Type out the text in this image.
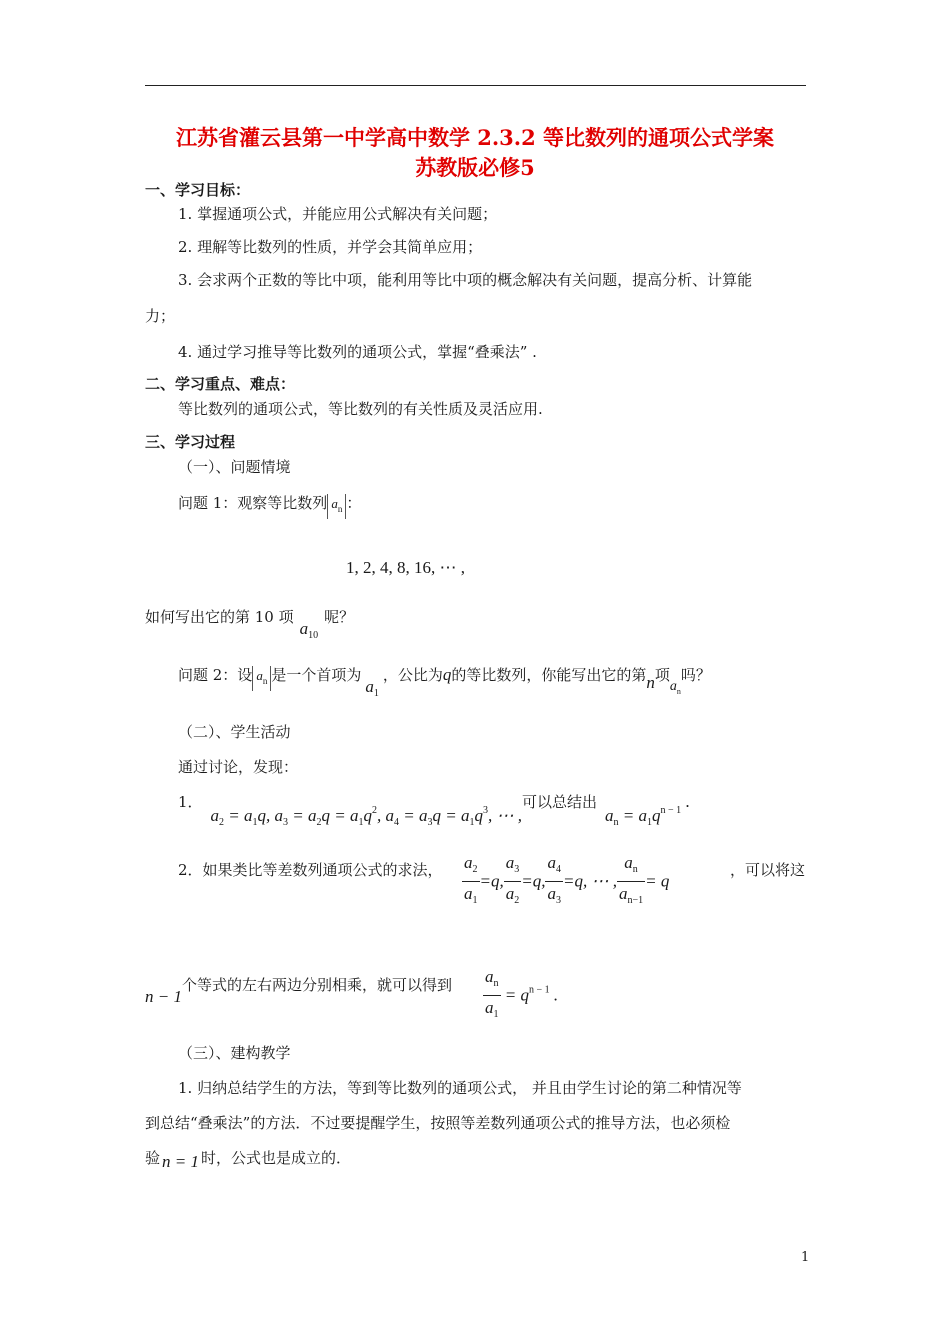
江苏省灌云县第一中学高中数学 2.3.2 等比数列的通项公式学案
苏教版必修5
一、学习目标：
1. 掌握通项公式，并能应用公式解决有关问题；
2. 理解等比数列的性质，并学会其简单应用；
3. 会求两个正数的等比中项，能利用等比中项的概念解决有关问题，提高分析、计算能
力；
4. 通过学习推导等比数列的通项公式，掌握“叠乘法” .
二、学习重点、难点：
等比数列的通项公式，等比数列的有关性质及灵活应用.
三、学习过程
（一）、问题情境
问题 1：观察等比数列 $a_n$ ：
1, 2, 4, 8, 16, ⋯ ,
如何写出它的第 10 项$a_{10}$呢？
问题 2：设 $a_n$ 是一个首项为$a_1$，公比为q的等比数列，你能写出它的第n项$a_n$吗？
（二）、学生活动
通过讨论，发现：
1．$a_2 = a_1q$, $a_3 = a_2q = a_1q^2$, $a_4 = a_3q = a_1q^3$, ⋯ ,可以总结出$a_n = a_1q^{n - 1}$ .
2．如果类比等差数列通项公式的求法， $\frac{a_2}{a_1} =q$, $\frac{a_3}{a_2} =q$, $\frac{a_4}{a_3} =q$, ⋯ , $\frac{a_n}{a_{n-1}} = q$
，可以将这
n − 1个等式的左右两边分别相乘，就可以得到 $\frac{a_n}{a_1} = q^{n - 1}$ .
（三）、建构教学
1. 归纳总结学生的方法，等到等比数列的通项公式， 并且由学生讨论的第二种情况等
到总结“叠乘法”的方法．不过要提醒学生，按照等差数列通项公式的推导方法，也必须检
验 n = 1 时，公式也是成立的．
1
